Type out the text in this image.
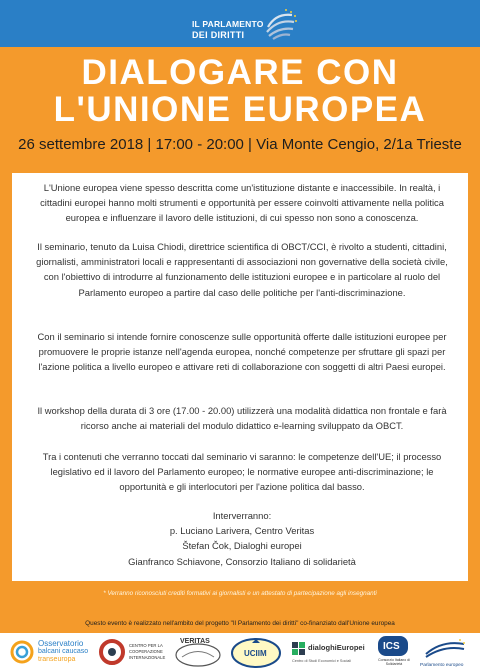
IL PARLAMENTO
DEI DIRITTI
DIALOGARE CON
L'UNIONE EUROPEA
26 settembre 2018 | 17:00 - 20:00 | Via Monte Cengio, 2/1a Trieste

L'Unione europea viene spesso descritta come un'istituzione distante e inaccessibile. In realtà, i cittadini europei hanno molti strumenti e opportunità per essere coinvolti attivamente nella politica europea e influenzare il lavoro delle istituzioni, di cui spesso non sono a conoscenza.

Il seminario, tenuto da Luisa Chiodi, direttrice scientifica di OBCT/CCI, è rivolto a studenti, cittadini, giornalisti, amministratori locali e rappresentanti di associazioni non governative della società civile, con l'obiettivo di introdurre al funzionamento delle istituzioni europee e in particolare al ruolo del Parlamento europeo a partire dal caso delle politiche per l'anti-discriminazione.

Con il seminario si intende fornire conoscenze sulle opportunità offerte dalle istituzioni europee per promuovere le proprie istanze nell'agenda europea, nonché competenze per sfruttare gli spazi per l'azione politica a livello europeo e attivare reti di collaborazione con soggetti di altri Paesi europei.

Il workshop della durata di 3 ore (17.00 - 20.00) utilizzerà una modalità didattica non frontale e farà ricorso anche ai materiali del modulo didattico e-learning sviluppato da OBCT.

Tra i contenuti che verranno toccati dal seminario vi saranno: le competenze dell'UE; il processo legislativo ed il lavoro del Parlamento europeo; le normative europee anti-discriminazione; le opportunità e gli interlocutori per l'azione politica dal basso.

Interverranno:
p. Luciano Larivera, Centro Veritas
Štefan Čok, Dialoghi europei
Gianfranco Schiavone, Consorzio Italiano di solidarietà
* Verranno riconosciuti crediti formativi ai giornalisti e un attestato di partecipazione agli insegnanti
Questo evento è realizzato nell'ambito del progetto "Il Parlamento dei diritti" co-finanziato dall'Unione europea
Osservatorio
balcani caucaso
transeuropa
CENTRO PER LA
COOPERAZIONE
INTERNAZIONALE
VERITAS
UCIIM
dialoghiEuropei
Centro di Studi Economici e Sociali
ICS
Consorzio Italiano di Solidarietà	Parlamento europeo
